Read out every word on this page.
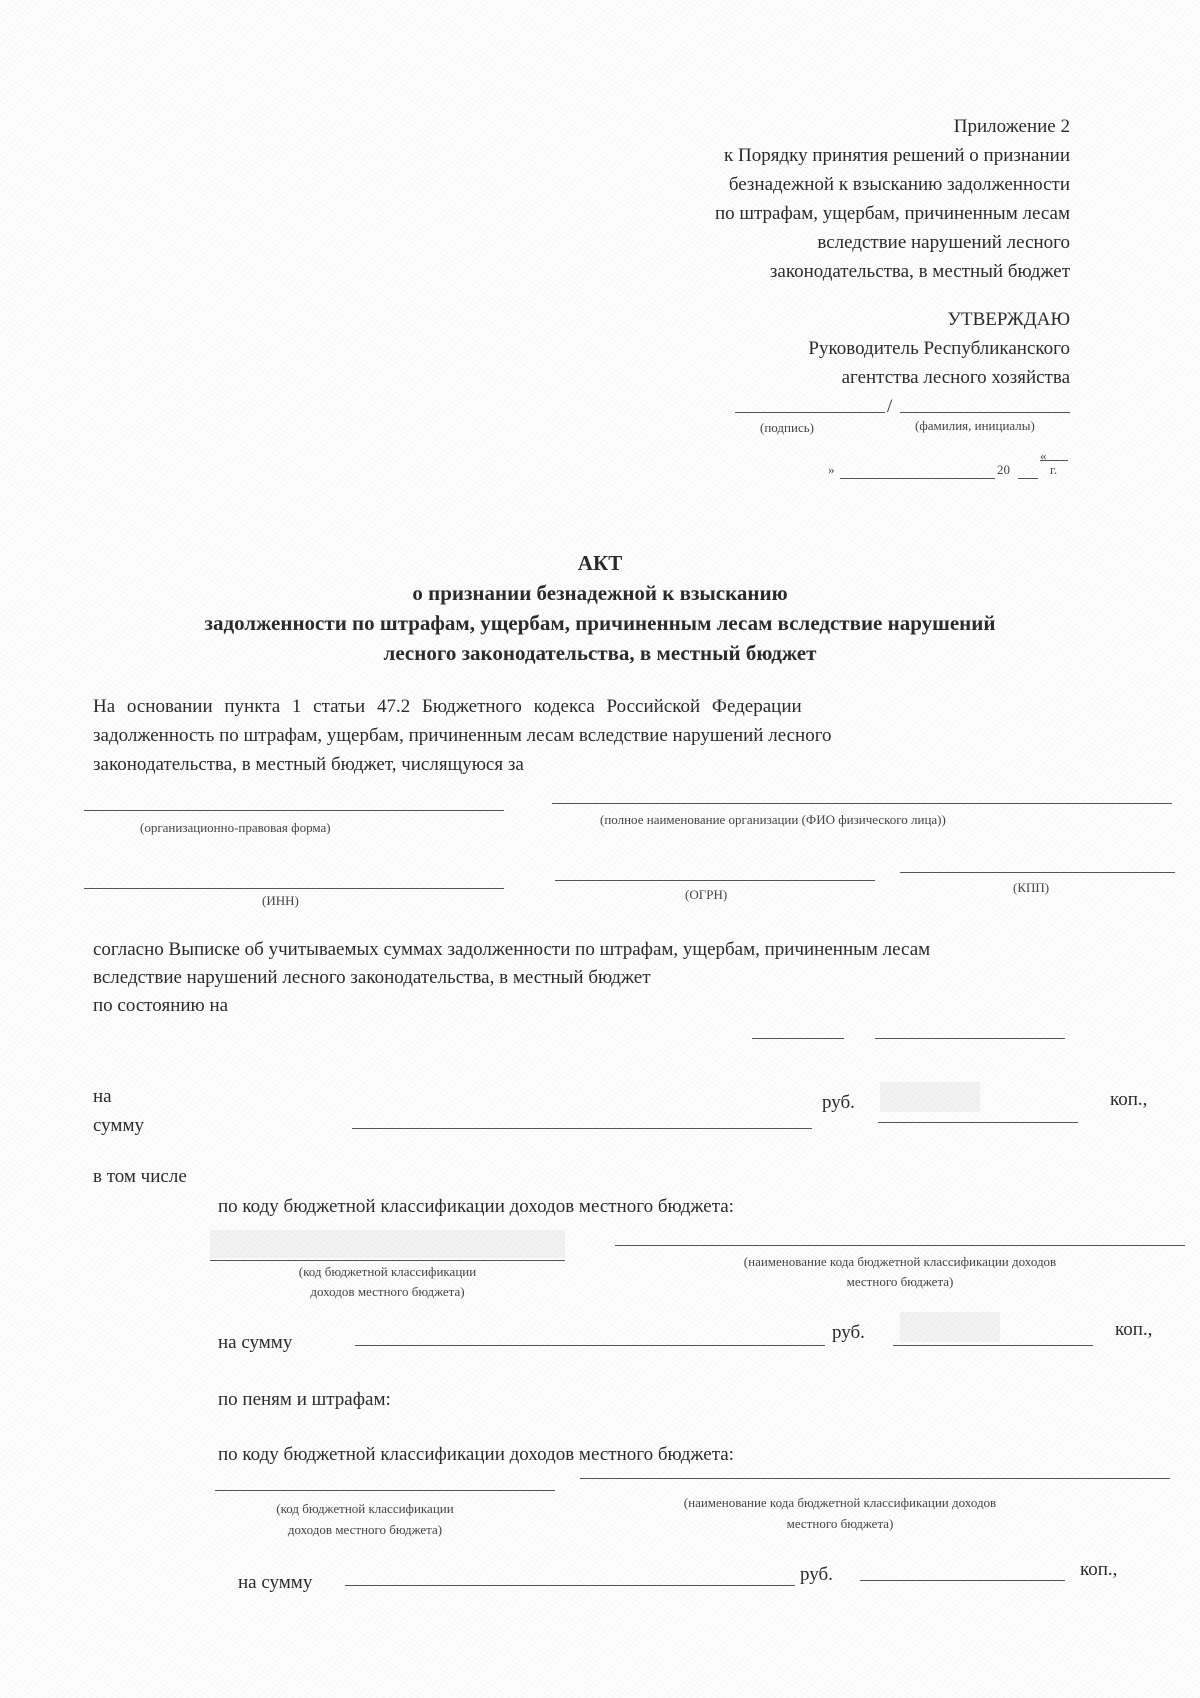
Приложение 2
к Порядку принятия решений о признании
безнадежной к взысканию задолженности
по штрафам, ущербам, причиненным лесам
вследствие нарушений лесного
законодательства, в местный бюджет
УТВЕРЖДАЮ
Руководитель Республиканского
агентства лесного хозяйства
/
(подпись)	(фамилия, инициалы)
«
»	20	г.
АКТ
о признании безнадежной к взысканию
задолженности по штрафам, ущербам, причиненным лесам вследствие нарушений
лесного законодательства, в местный бюджет
На основании пункта 1 статьи 47.2 Бюджетного кодекса Российской Федерации
задолженность по штрафам, ущербам, причиненным лесам вследствие нарушений лесного
законодательства, в местный бюджет, числящуюся за
(организационно-правовая форма)
(полное наименование организации (ФИО физического лица))
(ИНН)	(ОГРН)	(КПП)
согласно Выписке об учитываемых суммах задолженности по штрафам, ущербам, причиненным лесам
вследствие нарушений лесного законодательства, в местный бюджет
по состоянию на
на
сумму
руб.	коп.,
в том числе
по коду бюджетной классификации доходов местного бюджета:
(код бюджетной классификации
доходов местного бюджета)
(наименование кода бюджетной классификации доходов
местного бюджета)
на сумму	руб.	коп.,
по пеням и штрафам:
по коду бюджетной классификации доходов местного бюджета:
(код бюджетной классификации
доходов местного бюджета)
(наименование кода бюджетной классификации доходов
местного бюджета)
на сумму	руб.	коп.,
